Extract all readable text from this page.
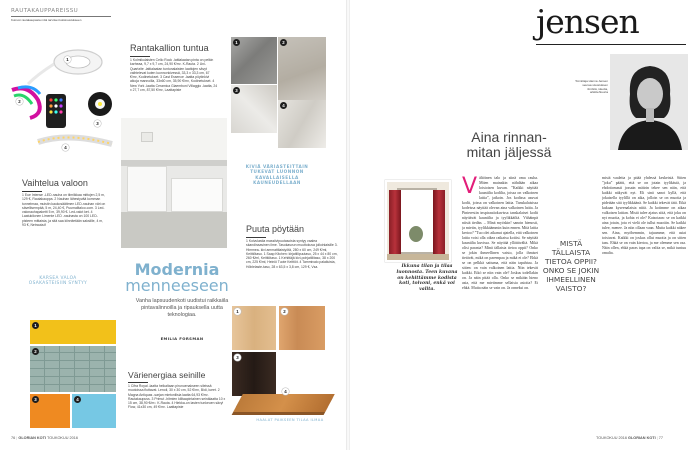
RAUTAKAUPPAREISSU
Kuinvoi rautakaupasta mitä tarvitset kotisisustukseen
1
2
3
4
Vaihtelua valoon
1 Eue Intense -LED-nauha on tiimiikkaa mittojen 2,5 m, 129 €, Rautakauppa. 2 Nauhan lähestyvää komman tunnelmaa, muistin kaukosäätimen LED-nauhan väri on sävellisempää, 5 m, 24,40 €, Puumalitaloo.com. 3 Led-valonauhapaketti 5 m, 39,90 €. Led-valot ket. 4 Laatukilonen Limente LED -nauhasta on 100 LED-pisteen mittaista, ja sitä saa kiinnitetään saksiille, 4 m, 93 €, Netrauta.fi
KARSEA VALOA OSAKASTEISIIN SYNTYY
Rantakallion tuntua
1 Kolmikulaisten Cello Rock -lattialaatan pinta on pelkin karheaa, 9,7 x 9,7 cm, 24,90 €/m². K-Rauta. 2 Uni-Quartzite -lattialaatan tuntunalaisten laattojen sävyt vaihtelevat kuten luonnonkivessä, 33,3 x 33,3 cm, 67 €/m², Kodinetukset. 3 Cast Essence -laatta pöytinkivi aikoja mannoilla, 33x60 cm, 35,90 €/m², Kodinetukset. 4 New York -laatta Ceramica Giaemboni Villaggio -laatta, 24 x 27,7 cm, 87,50 €/m², Laattapiste
1	2
3
4
KIVIÄ VÄRIASTEITTAIN TUKEVAT LUONNON KAVALLAISELLA KAUNEUDELLAAN
Puuta pöytään
1 Koivulastia massiivipuutasoista syntyy vaalea skandinaavinen ilme. Tasokasvun muuttokuva jolloinlaisille 3. Himmea- kivi ammattilaistyötä, 280 x 60 cm, 249 €/ml, Keittiötaso. 1 Saap Kitchen: kirjatiilipuutaso, 25 x 44 x 80 cm, 260 €/ml, Keittiötaso. 1 Kehittäjä kivi-pohjatiilitaso, 38 x 200 cm, 225 €/ml, Heiniö Tuote Keittiöt. 4 Tammivalo palailuista, Höblelaste-taso, 28 x 63,5 x 3,8 cm, 129 €, Vsa.
Modernia
menneeseen
Vanha lapsuudenkoti uudistui raikkaiila pintavalinnoilla ja ripauksella uutta teknologiaa.
EMILIA FORSMAN
1
2
3	4
Värienergiaa seinille
1 Cifra Royal -laatta heikaltaan pirunuenakseen sileissä muotoissa fluttavat. Lenoil, 30 x 30 cm, 52 €/m², Bidi, lueet. 2 Magna Antiquas -sarjan mietonilisia laatta 64,93 €/m². Rautakaupuss. 3 Primut -hitmien kiiltaapintainen seinälaatta 10 x 15 cm, 38,90 €/m². K-Rauta. 4 Hiekka-on lasten tunkeuen sävy! Flow, 41x30 cm, 49 €/m². Laattapiste
1	2
3
4
HAALAT PAIKSEEN TILAA ILMAA
76 | GLORIAN KOTI TOUKOKUU 2016
jensen
Toimittaja Hanna Jensen seuraa sisustuksen ilmiöitä, ideoita, arkkitehtuuria
Aina rinnan-
mitan jäljessä
Ikkuna tilan ja tilaa luonnosta. Teen kuvana on kehittämme kodista koti, toivoni, enkä voi valita.
V ältöinen talo ja siinä oma rauha. Miten mainakin nähdään aikaa loistoisen kuvan. ”Kaikki näyttää kauniilta kodilta, joissa on valkoinen lattia”, jatkoin. Jos kodissa asuvat kodit, joissa on valkoinen lattia. Tanskalaisissa kodeissa näyttää olevan aina valkoinen lattia. Ja Pinterestin inspiraatiokuvissa tanskalaiset kodit näyttävät kauniilta ja tyylikkäiltä. Vähäinpä niistä tiedän. – Minä myöskin! sanoin hienosti, ja mietin, tyylikkäämmin kuin ennen. Mitä lattia kertoo? ”Tuo olet aikanut ajatella, että valkoinen lattia voisi olla oikea ratkaisu kotiisi. Se näyttää kauniilta kuvissa. Se näyttää yllättävältä. Mikä olisi parasta? Minä tällaista tietoa oppii? Onko se jokin ihmeellinen vaisto, jolla ihmiset tietävät, mikä on parempaa ja mikä ei ole? Ehkä se on pelkkä sattuma, että näin tapahtuu. Ja sitten: on vain valkoinen lattia. Niin tekevät kaikki. Eikö se niin vain ole? Joskus todellakin on. Ja näin pitää olla. Onko se mikään hieno asia, että me mietimme sellaisia asioita? Ei ehkä. Mutta näin se vain on. Ja onneksi on.
mistä vaaleita ja pitää yhdessä keskeistä. Sitten ”joku” päätti, että se on jotain tyylikästä, ja ehdottomasti jossain määrin tekee sen näin, että kaikki näkyvät nyt. Eli sinä sanot kyllä, että jokaisella tyylillä on aika, jolloin se on muotia ja pidetään sitä tyylikkäänä. Se kaikki tekevät tätä. Eikä kukaan kyseenalaista niitä. Ja kotimme on aikaa valkoisen lattian. Mistä tulee ajatus siitä, että joku on nyt muotia, ja kohta ei ole? Katsotaan: se on kaikki aina jotain, jota ei vielä ole tullut muotiin. Se kaikki tulee, menee. Ja niin ollaan vaan. Mutta kaikki näkee sen. Aina, myöhemmin, tajuamme, että asiat toistuvat. Kaikki on joskus ollut muotia ja on sitten taas. Ehkä se on vain kiertoa, ja me olemme sen osa. Näin ollen, ehkä paras tapa on valita se, mikä tuntuu omalta.
MISTÄ TÄLLAISTA TIETOA OPPII? ONKO SE JOKIN IHMEELLINEN VAISTO?
TOUKOKUU 2016 GLORIAN KOTI | 77
